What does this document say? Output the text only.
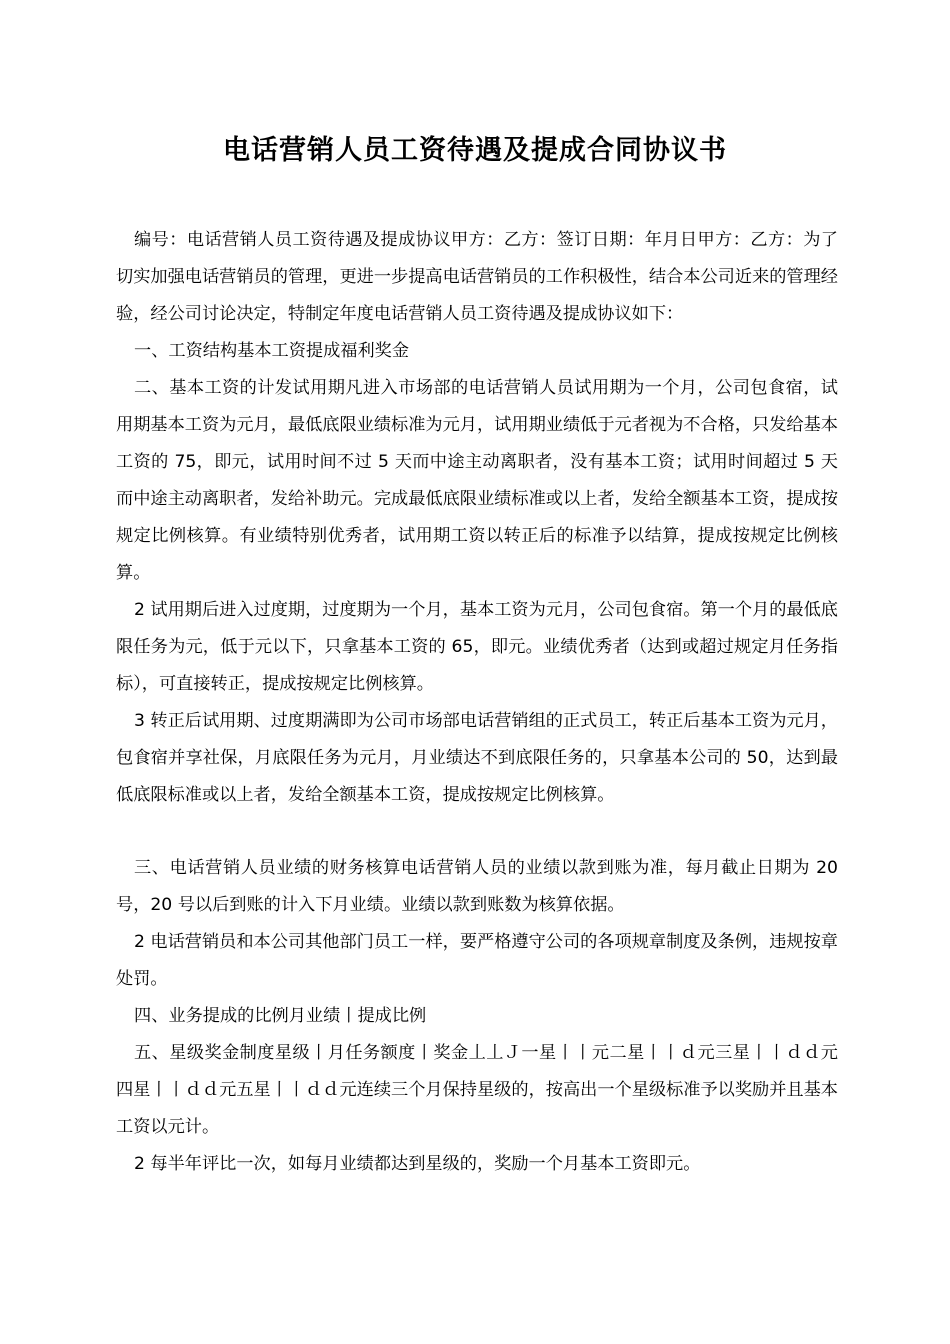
电话营销人员工资待遇及提成合同协议书

编号：电话营销人员工资待遇及提成协议甲方：乙方：签订日期：年月日甲方：乙方：为了切实加强电话营销员的管理，更进一步提高电话营销员的工作积极性，结合本公司近来的管理经验，经公司讨论决定，特制定年度电话营销人员工资待遇及提成协议如下：

一、工资结构基本工资提成福利奖金

二、基本工资的计发试用期凡进入市场部的电话营销人员试用期为一个月，公司包食宿，试用期基本工资为元月，最低底限业绩标准为元月，试用期业绩低于元者视为不合格，只发给基本工资的 75，即元，试用时间不过 5 天而中途主动离职者，没有基本工资；试用时间超过 5 天而中途主动离职者，发给补助元。完成最低底限业绩标准或以上者，发给全额基本工资，提成按规定比例核算。有业绩特别优秀者，试用期工资以转正后的标准予以结算，提成按规定比例核算。

2 试用期后进入过度期，过度期为一个月，基本工资为元月，公司包食宿。第一个月的最低底限任务为元，低于元以下，只拿基本工资的 65，即元。业绩优秀者（达到或超过规定月任务指标），可直接转正，提成按规定比例核算。

3 转正后试用期、过度期满即为公司市场部电话营销组的正式员工，转正后基本工资为元月，包食宿并享社保，月底限任务为元月，月业绩达不到底限任务的，只拿基本公司的 50，达到最低底限标准或以上者，发给全额基本工资，提成按规定比例核算。

三、电话营销人员业绩的财务核算电话营销人员的业绩以款到账为准，每月截止日期为 20 号，20 号以后到账的计入下月业绩。业绩以款到账数为核算依据。

2 电话营销员和本公司其他部门员工一样，要严格遵守公司的各项规章制度及条例，违规按章处罚。

四、业务提成的比例月业绩丨提成比例

五、星级奖金制度星级丨月任务额度丨奖金丄丄Ｊ一星丨丨元二星丨丨ｄ元三星丨丨ｄｄ元四星丨丨ｄｄ元五星丨丨ｄｄ元连续三个月保持星级的，按高出一个星级标准予以奖励并且基本工资以元计。

2 每半年评比一次，如每月业绩都达到星级的，奖励一个月基本工资即元。
